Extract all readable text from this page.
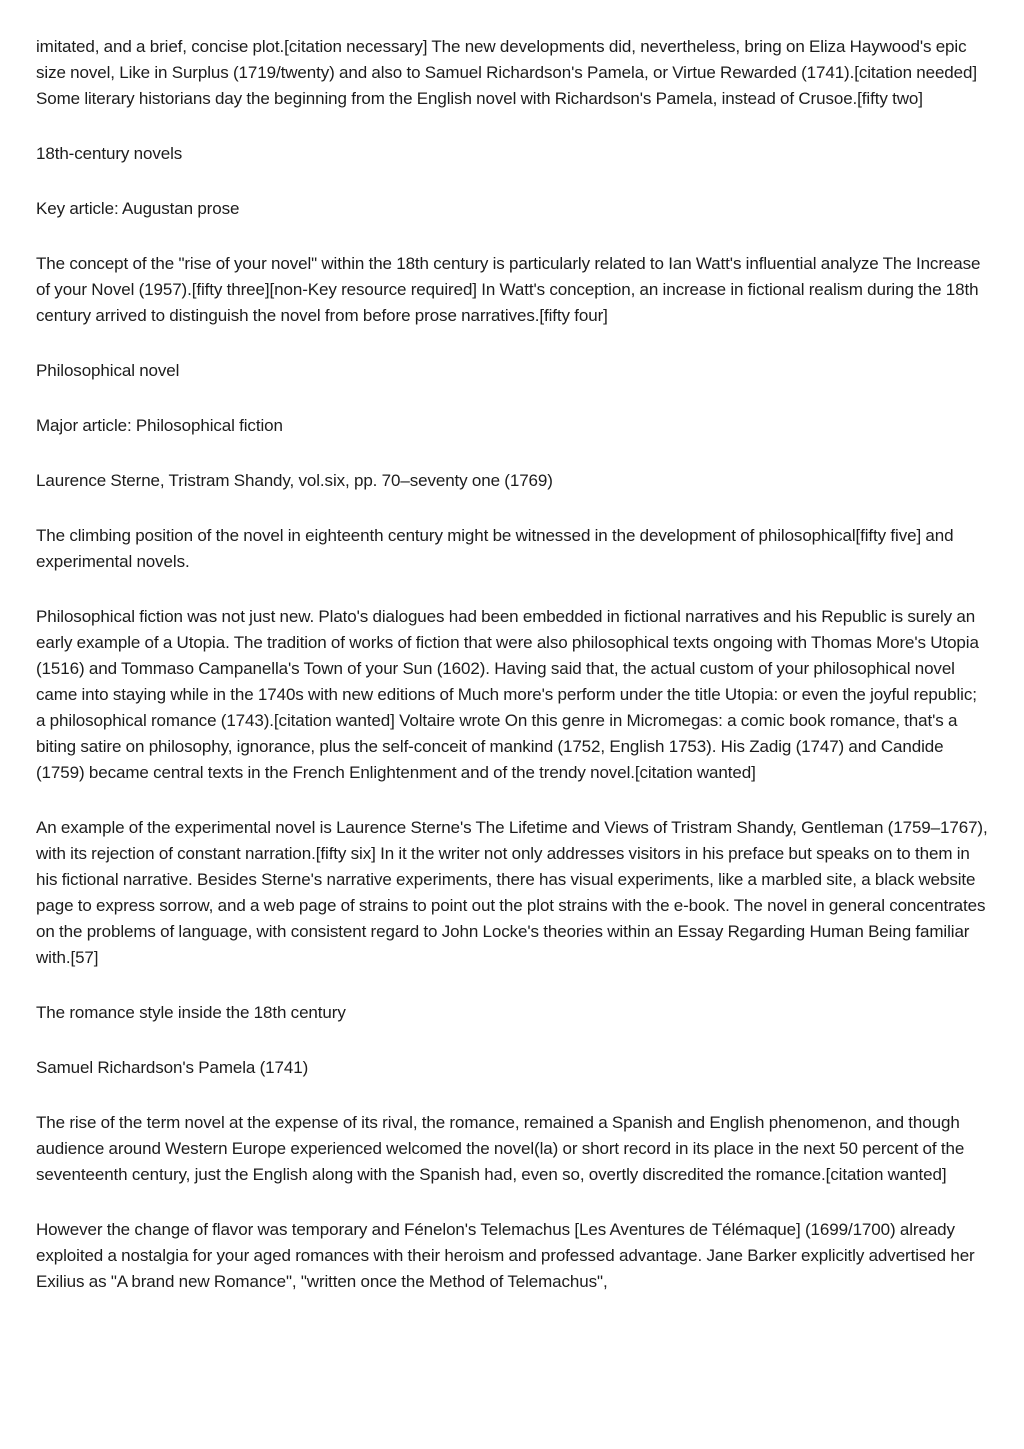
imitated, and a brief, concise plot.[citation necessary] The new developments did, nevertheless, bring on Eliza Haywood's epic size novel, Like in Surplus (1719/twenty) and also to Samuel Richardson's Pamela, or Virtue Rewarded (1741).[citation needed] Some literary historians day the beginning from the English novel with Richardson's Pamela, instead of Crusoe.[fifty two]

18th-century novels

Key article: Augustan prose

The concept of the "rise of your novel" within the 18th century is particularly related to Ian Watt's influential analyze The Increase of your Novel (1957).[fifty three][non-Key resource required] In Watt's conception, an increase in fictional realism during the 18th century arrived to distinguish the novel from before prose narratives.[fifty four]

Philosophical novel

Major article: Philosophical fiction

Laurence Sterne, Tristram Shandy, vol.six, pp. 70–seventy one (1769)

The climbing position of the novel in eighteenth century might be witnessed in the development of philosophical[fifty five] and experimental novels.

Philosophical fiction was not just new. Plato's dialogues had been embedded in fictional narratives and his Republic is surely an early example of a Utopia. The tradition of works of fiction that were also philosophical texts ongoing with Thomas More's Utopia (1516) and Tommaso Campanella's Town of your Sun (1602). Having said that, the actual custom of your philosophical novel came into staying while in the 1740s with new editions of Much more's perform under the title Utopia: or even the joyful republic; a philosophical romance (1743).[citation wanted] Voltaire wrote On this genre in Micromegas: a comic book romance, that's a biting satire on philosophy, ignorance, plus the self-conceit of mankind (1752, English 1753). His Zadig (1747) and Candide (1759) became central texts in the French Enlightenment and of the trendy novel.[citation wanted]

An example of the experimental novel is Laurence Sterne's The Lifetime and Views of Tristram Shandy, Gentleman (1759–1767), with its rejection of constant narration.[fifty six] In it the writer not only addresses visitors in his preface but speaks on to them in his fictional narrative. Besides Sterne's narrative experiments, there has visual experiments, like a marbled site, a black website page to express sorrow, and a web page of strains to point out the plot strains with the e-book. The novel in general concentrates on the problems of language, with consistent regard to John Locke's theories within an Essay Regarding Human Being familiar with.[57]

The romance style inside the 18th century

Samuel Richardson's Pamela (1741)

The rise of the term novel at the expense of its rival, the romance, remained a Spanish and English phenomenon, and though audience around Western Europe experienced welcomed the novel(la) or short record in its place in the next 50 percent of the seventeenth century, just the English along with the Spanish had, even so, overtly discredited the romance.[citation wanted]

However the change of flavor was temporary and Fénelon's Telemachus [Les Aventures de Télémaque] (1699/1700) already exploited a nostalgia for your aged romances with their heroism and professed advantage. Jane Barker explicitly advertised her Exilius as "A brand new Romance", "written once the Method of Telemachus",
